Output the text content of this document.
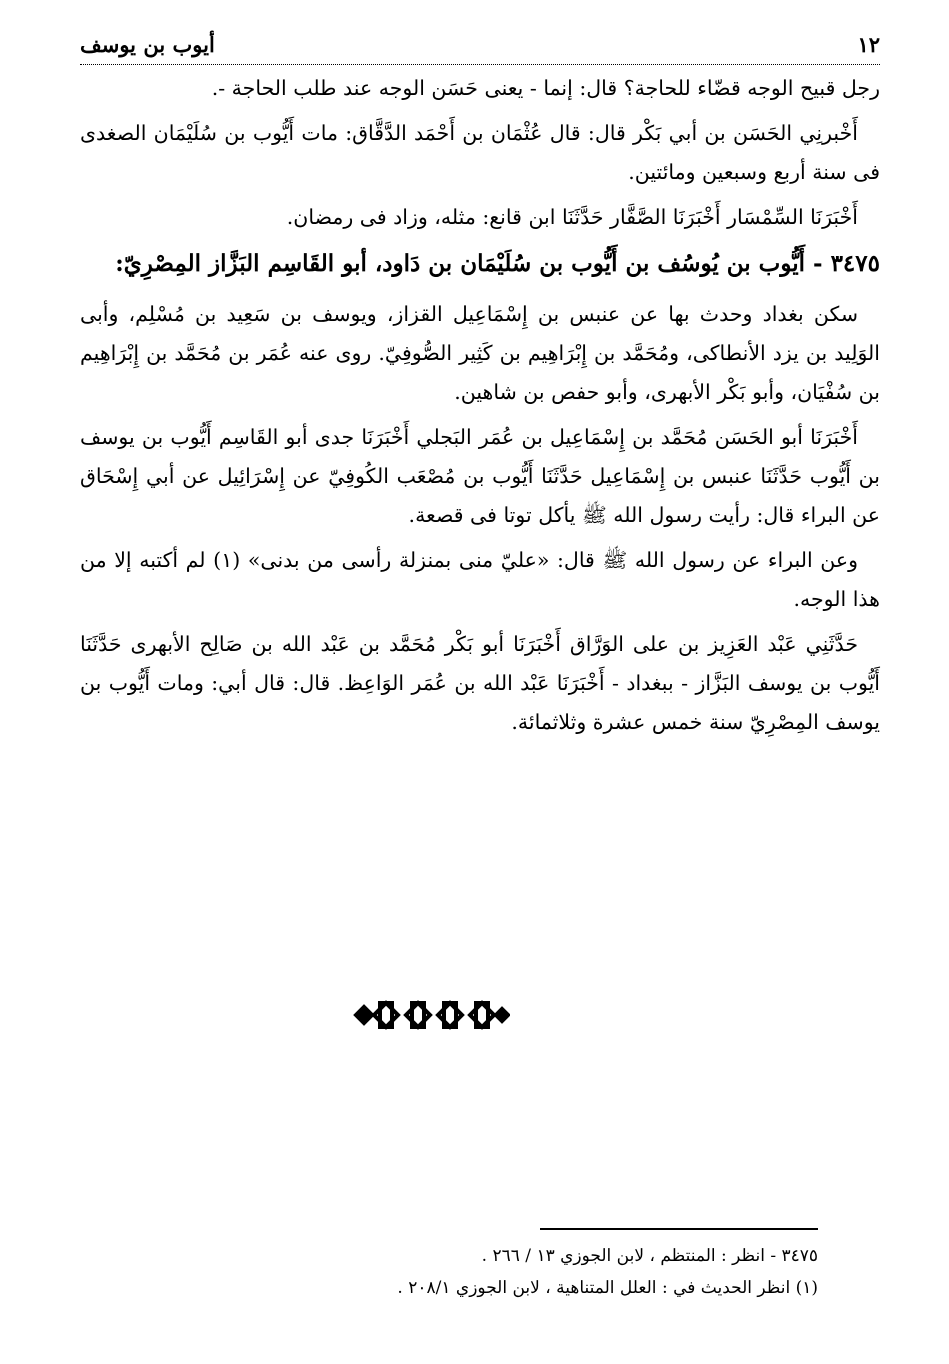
١٢
أيوب بن يوسف

رجل قبيح الوجه قضّاء للحاجة؟ قال: إنما - يعنى حَسَن الوجه عند طلب الحاجة -.

أَخْبرنِي الحَسَن بن أبي بَكْر قال: قال عُثْمَان بن أَحْمَد الدَّقَّاق: مات أَيُّوب بن سُلَيْمَان الصغدى فى سنة أربع وسبعين ومائتين.

أَخْبَرَنَا السِّمْسَار أَخْبَرَنَا الصَّفَّار حَدَّثَنَا ابن قانع: مثله، وزاد فى رمضان.

٣٤٧٥ - أَيُّوب بن يُوسُف بن أَيُّوب بن سُلَيْمَان بن دَاود، أبو القَاسِم البَزَّاز المِصْرِيّ:

سكن بغداد وحدث بها عن عنبس بن إِسْمَاعِيل القزاز، ويوسف بن سَعِيد بن مُسْلِم، وأبى الوَلِيد بن يزد الأنطاكى، ومُحَمَّد بن إِبْرَاهِيم بن كَثِير الصُّوفِيّ. روى عنه عُمَر بن مُحَمَّد بن إِبْرَاهِيم بن سُفْيَان، وأبو بَكْر الأبهرى، وأبو حفص بن شاهين.

أَخْبَرَنَا أبو الحَسَن مُحَمَّد بن إِسْمَاعِيل بن عُمَر البَجلي أَخْبَرَنَا جدى أبو القَاسِم أَيُّوب بن يوسف بن أَيُّوب حَدَّثَنَا عنبس بن إِسْمَاعِيل حَدَّثَنَا أَيُّوب بن مُصْعَب الكُوفِيّ عن إِسْرَائِيل عن أبي إِسْحَاق عن البراء قال: رأيت رسول الله ﷺ يأكل توتا فى قصعة.

وعن البراء عن رسول الله ﷺ قال: «عليّ منى بمنزلة رأسى من بدنى» (١) لم أكتبه إلا من هذا الوجه.

حَدَّثَنِي عَبْد العَزِيز بن على الوَرَّاق أَخْبَرَنَا أبو بَكْر مُحَمَّد بن عَبْد الله بن صَالِح الأبهرى حَدَّثَنَا أَيُّوب بن يوسف البَزَّاز - ببغداد - أَخْبَرَنَا عَبْد الله بن عُمَر الوَاعِظ. قال: قال أبي: ومات أَيُّوب بن يوسف المِصْرِيّ سنة خمس عشرة وثلاثمائة.

٣٤٧٥ - انظر : المنتظم ، لابن الجوزي ١٣ / ٢٦٦ .
(١) انظر الحديث في : العلل المتناهية ، لابن الجوزي ٢٠٨/١ .
